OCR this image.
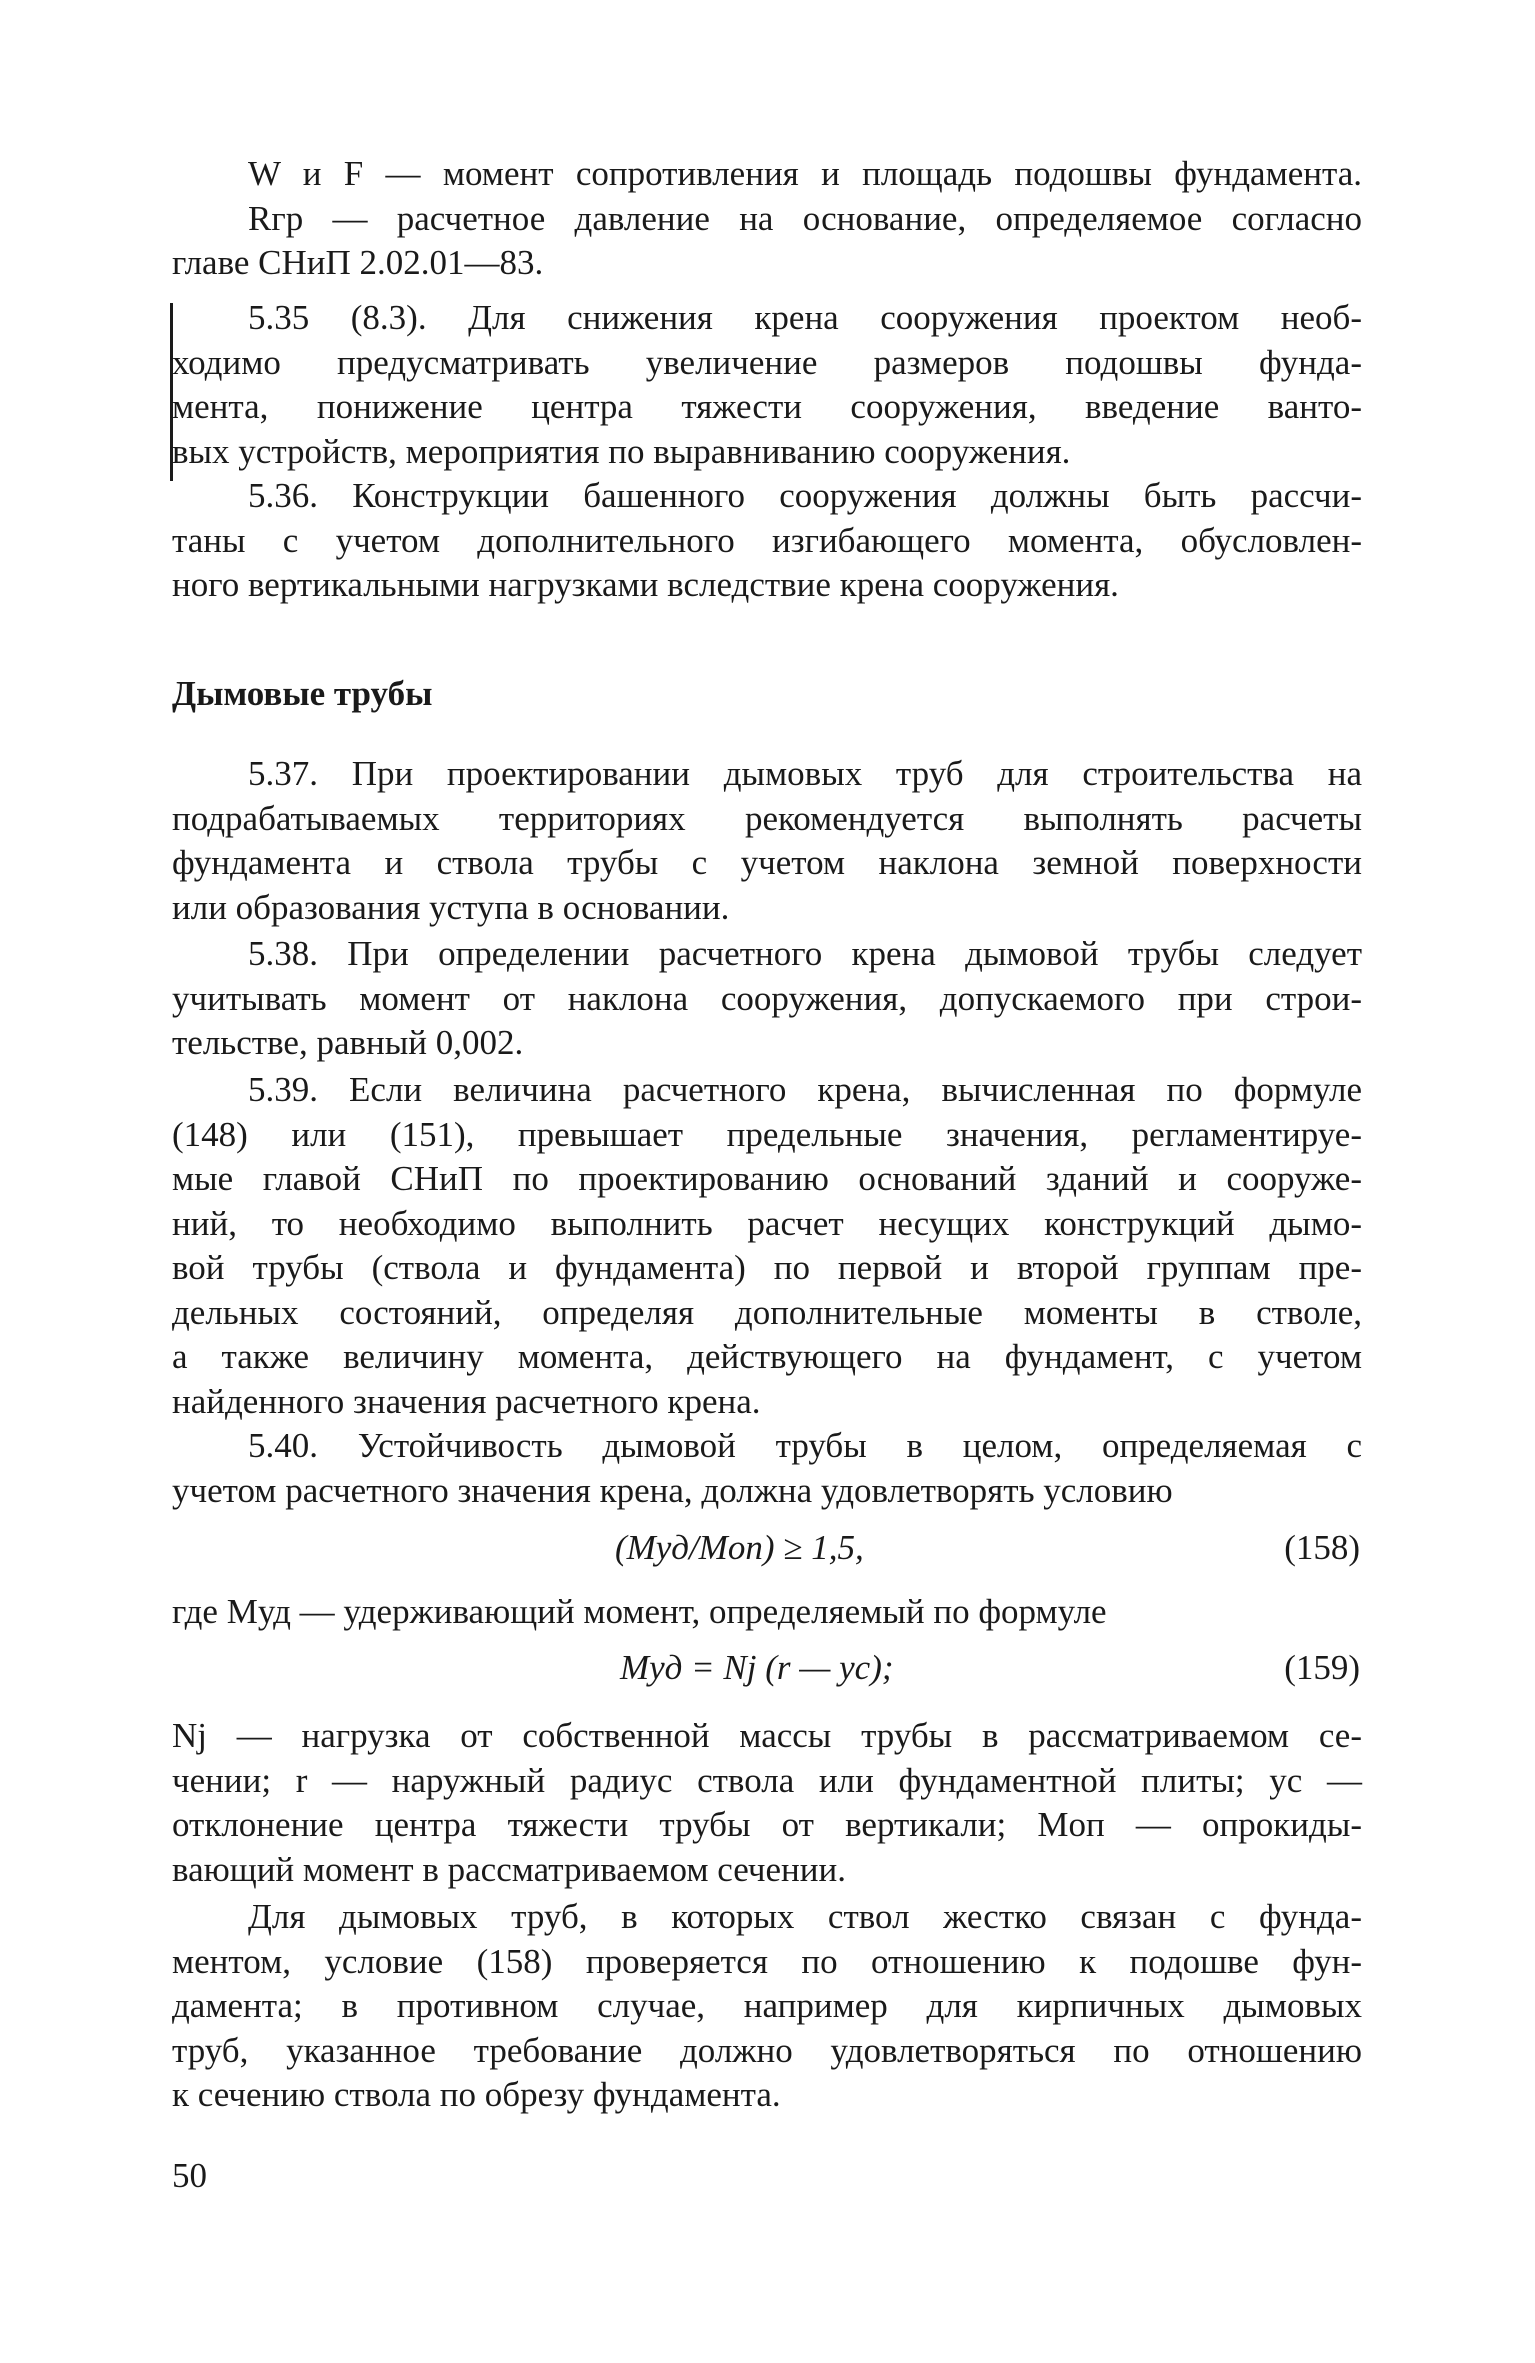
W и F — момент сопротивления и площадь подошвы фундамента.
Rгр — расчетное давление на основание, определяемое согласно
главе СНиП 2.02.01—83.
5.35 (8.3). Для снижения крена сооружения проектом необ-
ходимо предусматривать увеличение размеров подошвы фунда-
мента, понижение центра тяжести сооружения, введение ванто-
вых устройств, мероприятия по выравниванию сооружения.
5.36. Конструкции башенного сооружения должны быть рассчи-
таны с учетом дополнительного изгибающего момента, обусловлен-
ного вертикальными нагрузками вследствие крена сооружения.
Дымовые трубы
5.37. При проектировании дымовых труб для строительства на
подрабатываемых территориях рекомендуется выполнять расчеты
фундамента и ствола трубы с учетом наклона земной поверхности
или образования уступа в основании.
5.38. При определении расчетного крена дымовой трубы следует
учитывать момент от наклона сооружения, допускаемого при строи-
тельстве, равный 0,002.
5.39. Если величина расчетного крена, вычисленная по формуле
(148) или (151), превышает предельные значения, регламентируе-
мые главой СНиП по проектированию оснований зданий и сооруже-
ний, то необходимо выполнить расчет несущих конструкций дымо-
вой трубы (ствола и фундамента) по первой и второй группам пре-
дельных состояний, определяя дополнительные моменты в стволе,
а также величину момента, действующего на фундамент, с учетом
найденного значения расчетного крена.
5.40. Устойчивость дымовой трубы в целом, определяемая с
учетом расчетного значения крена, должна удовлетворять условию
(Mуд/Mоп) ≥ 1,5,	(158)
где Mуд — удерживающий момент, определяемый по формуле
Mуд = Nj (r — yc);	(159)
Nj — нагрузка от собственной массы трубы в рассматриваемом се-
чении; r — наружный радиус ствола или фундаментной плиты; yc —
отклонение центра тяжести трубы от вертикали; Mоп — опрокиды-
вающий момент в рассматриваемом сечении.
Для дымовых труб, в которых ствол жестко связан с фунда-
ментом, условие (158) проверяется по отношению к подошве фун-
дамента; в противном случае, например для кирпичных дымовых
труб, указанное требование должно удовлетворяться по отношению
к сечению ствола по обрезу фундамента.
50
